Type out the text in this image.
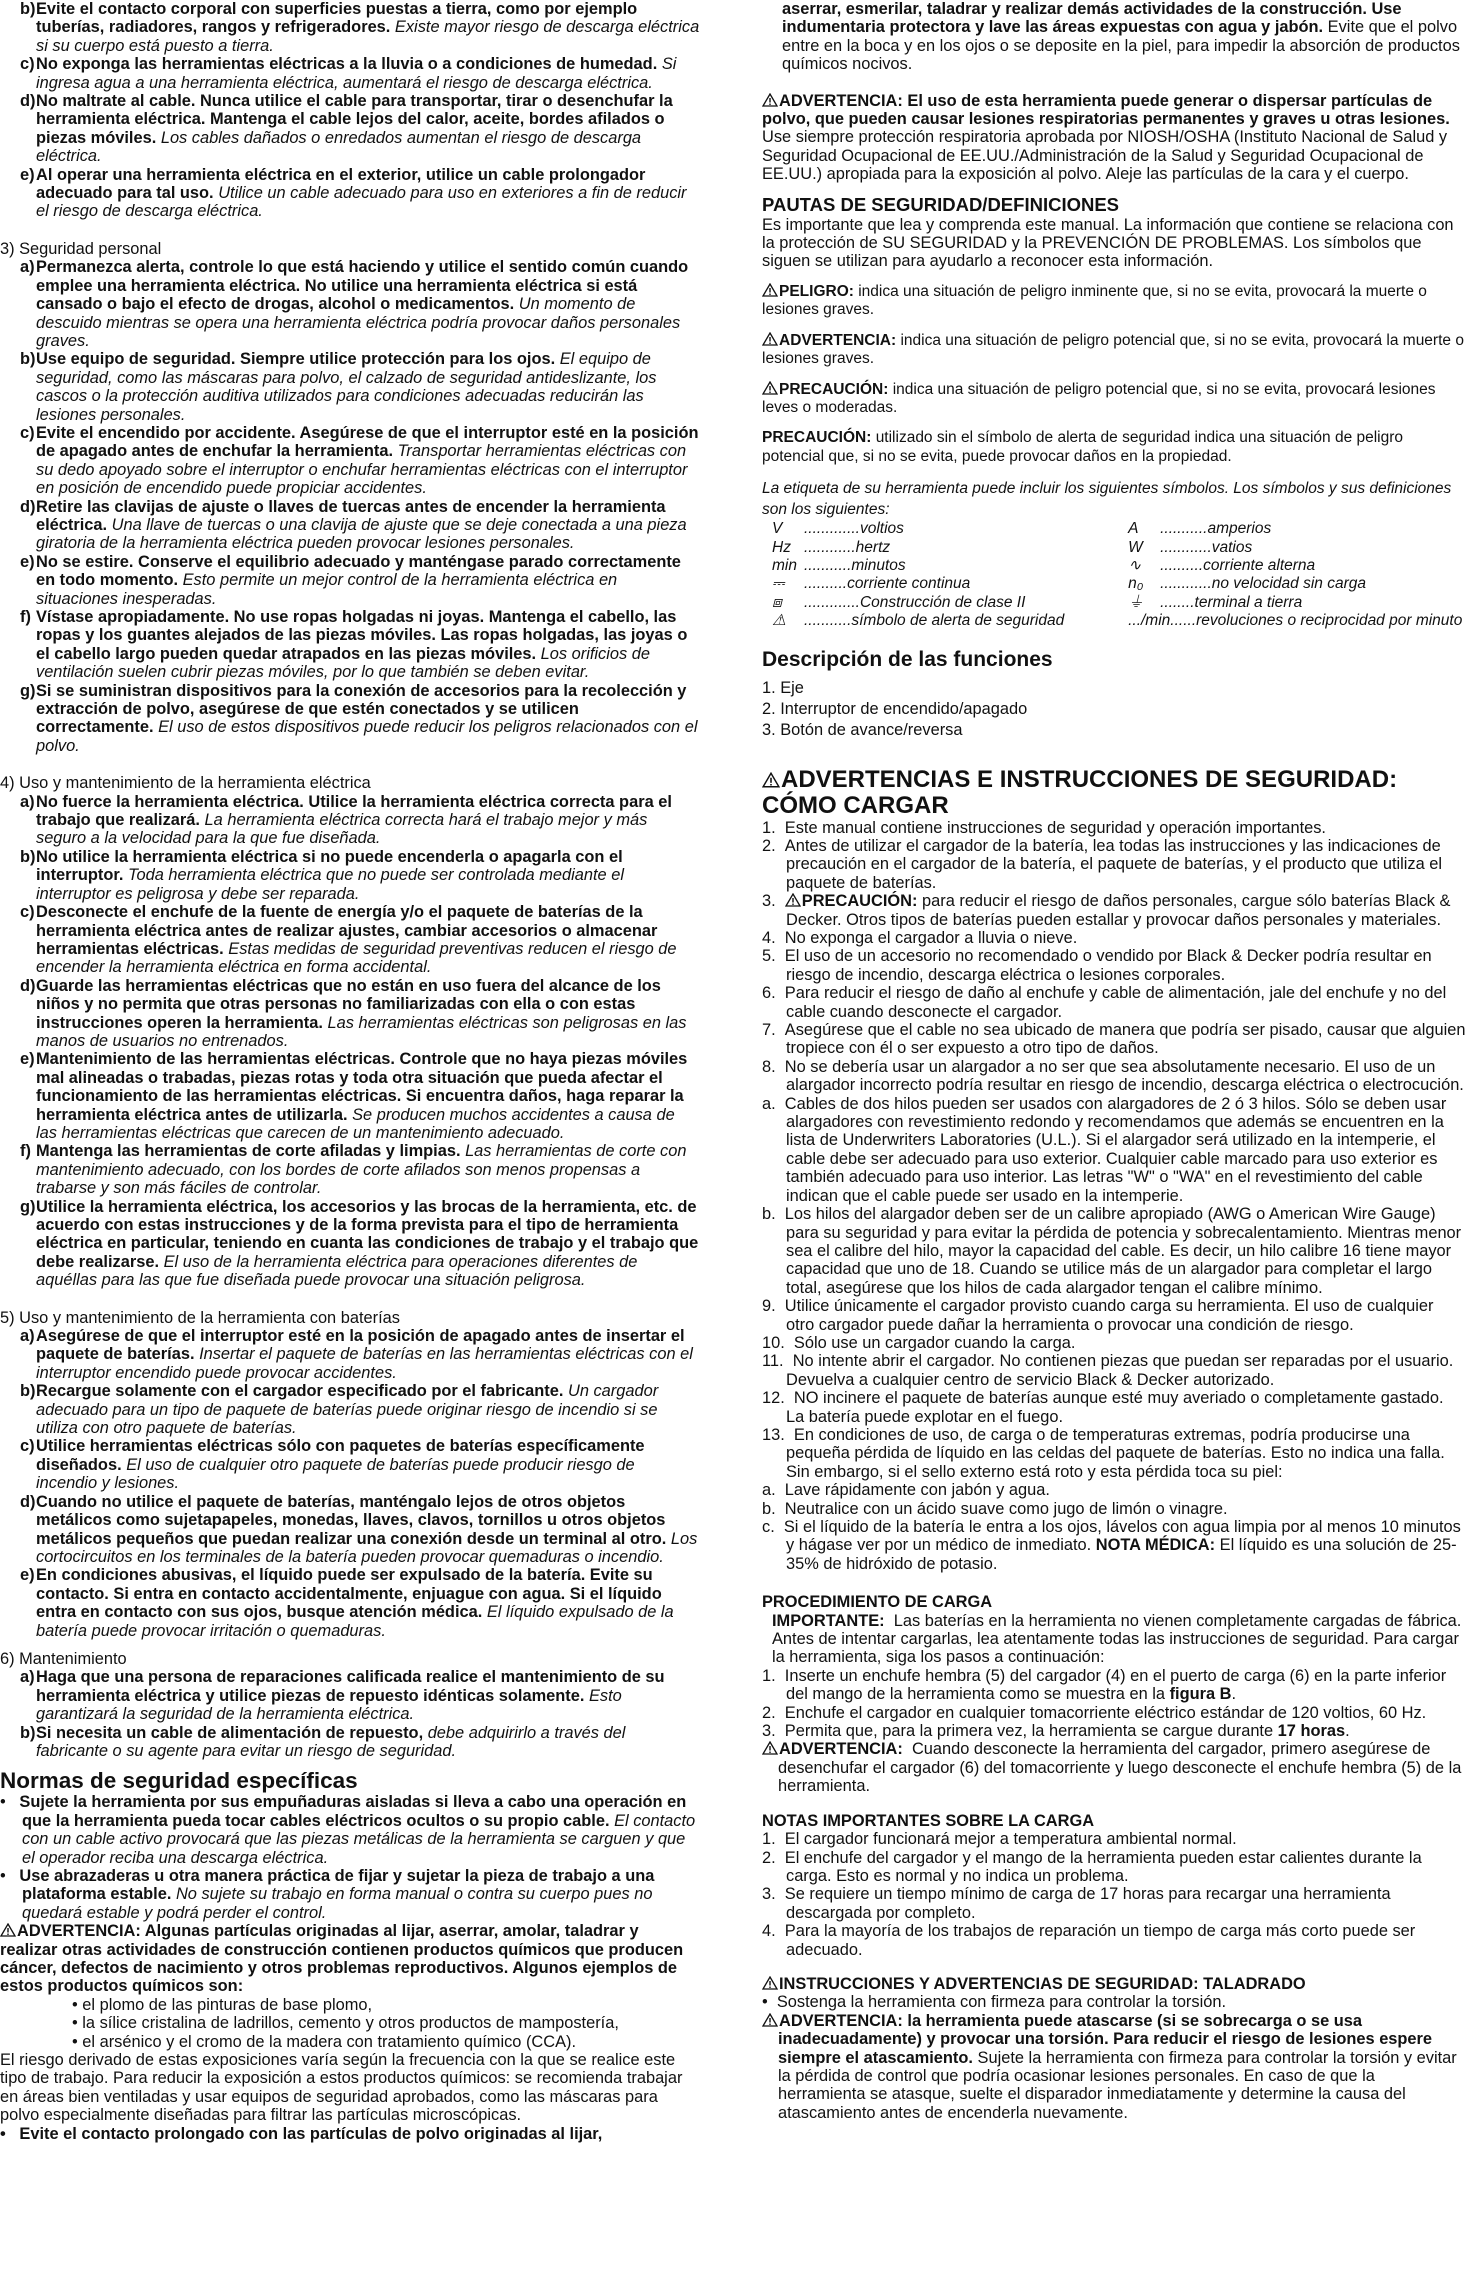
b) Evite el contacto corporal con superficies puestas a tierra, como por ejemplo tuberías, radiadores, rangos y refrigeradores. Existe mayor riesgo de descarga eléctrica si su cuerpo está puesto a tierra.

c) No exponga las herramientas eléctricas a la lluvia o a condiciones de humedad. Si ingresa agua a una herramienta eléctrica, aumentará el riesgo de descarga eléctrica.

d) No maltrate al cable. Nunca utilice el cable para transportar, tirar o desenchufar la herramienta eléctrica. Mantenga el cable lejos del calor, aceite, bordes afilados o piezas móviles. Los cables dañados o enredados aumentan el riesgo de descarga eléctrica.

e) Al operar una herramienta eléctrica en el exterior, utilice un cable prolongador adecuado para tal uso. Utilice un cable adecuado para uso en exteriores a fin de reducir el riesgo de descarga eléctrica.

3) Seguridad personal

a) Permanezca alerta, controle lo que está haciendo y utilice el sentido común cuando emplee una herramienta eléctrica. No utilice una herramienta eléctrica si está cansado o bajo el efecto de drogas, alcohol o medicamentos. Un momento de descuido mientras se opera una herramienta eléctrica podría provocar daños personales graves.

b) Use equipo de seguridad. Siempre utilice protección para los ojos. El equipo de seguridad, como las máscaras para polvo, el calzado de seguridad antideslizante, los cascos o la protección auditiva utilizados para condiciones adecuadas reducirán las lesiones personales.

c) Evite el encendido por accidente. Asegúrese de que el interruptor esté en la posición de apagado antes de enchufar la herramienta. Transportar herramientas eléctricas con su dedo apoyado sobre el interruptor o enchufar herramientas eléctricas con el interruptor en posición de encendido puede propiciar accidentes.

d) Retire las clavijas de ajuste o llaves de tuercas antes de encender la herramienta eléctrica. Una llave de tuercas o una clavija de ajuste que se deje conectada a una pieza giratoria de la herramienta eléctrica pueden provocar lesiones personales.

e) No se estire. Conserve el equilibrio adecuado y manténgase parado correctamente en todo momento. Esto permite un mejor control de la herramienta eléctrica en situaciones inesperadas.

f) Vístase apropiadamente. No use ropas holgadas ni joyas. Mantenga el cabello, las ropas y los guantes alejados de las piezas móviles. Las ropas holgadas, las joyas o el cabello largo pueden quedar atrapados en las piezas móviles. Los orificios de ventilación suelen cubrir piezas móviles, por lo que también se deben evitar.

g) Si se suministran dispositivos para la conexión de accesorios para la recolección y extracción de polvo, asegúrese de que estén conectados y se utilicen correctamente. El uso de estos dispositivos puede reducir los peligros relacionados con el polvo.

4) Uso y mantenimiento de la herramienta eléctrica

a) No fuerce la herramienta eléctrica. Utilice la herramienta eléctrica correcta para el trabajo que realizará. La herramienta eléctrica correcta hará el trabajo mejor y más seguro a la velocidad para la que fue diseñada.

b) No utilice la herramienta eléctrica si no puede encenderla o apagarla con el interruptor. Toda herramienta eléctrica que no puede ser controlada mediante el interruptor es peligrosa y debe ser reparada.

c) Desconecte el enchufe de la fuente de energía y/o el paquete de baterías de la herramienta eléctrica antes de realizar ajustes, cambiar accesorios o almacenar herramientas eléctricas. Estas medidas de seguridad preventivas reducen el riesgo de encender la herramienta eléctrica en forma accidental.

d) Guarde las herramientas eléctricas que no están en uso fuera del alcance de los niños y no permita que otras personas no familiarizadas con ella o con estas instrucciones operen la herramienta. Las herramientas eléctricas son peligrosas en las manos de usuarios no entrenados.

e) Mantenimiento de las herramientas eléctricas. Controle que no haya piezas móviles mal alineadas o trabadas, piezas rotas y toda otra situación que pueda afectar el funcionamiento de las herramientas eléctricas. Si encuentra daños, haga reparar la herramienta eléctrica antes de utilizarla. Se producen muchos accidentes a causa de las herramientas eléctricas que carecen de un mantenimiento adecuado.

f) Mantenga las herramientas de corte afiladas y limpias. Las herramientas de corte con mantenimiento adecuado, con los bordes de corte afilados son menos propensas a trabarse y son más fáciles de controlar.

g) Utilice la herramienta eléctrica, los accesorios y las brocas de la herramienta, etc. de acuerdo con estas instrucciones y de la forma prevista para el tipo de herramienta eléctrica en particular, teniendo en cuanta las condiciones de trabajo y el trabajo que debe realizarse. El uso de la herramienta eléctrica para operaciones diferentes de aquéllas para las que fue diseñada puede provocar una situación peligrosa.

5) Uso y mantenimiento de la herramienta con baterías

a) Asegúrese de que el interruptor esté en la posición de apagado antes de insertar el paquete de baterías. Insertar el paquete de baterías en las herramientas eléctricas con el interruptor encendido puede provocar accidentes.

b) Recargue solamente con el cargador especificado por el fabricante. Un cargador adecuado para un tipo de paquete de baterías puede originar riesgo de incendio si se utiliza con otro paquete de baterías.

c) Utilice herramientas eléctricas sólo con paquetes de baterías específicamente diseñados. El uso de cualquier otro paquete de baterías puede producir riesgo de incendio y lesiones.

d) Cuando no utilice el paquete de baterías, manténgalo lejos de otros objetos metálicos como sujetapapeles, monedas, llaves, clavos, tornillos u otros objetos metálicos pequeños que puedan realizar una conexión desde un terminal al otro. Los cortocircuitos en los terminales de la batería pueden provocar quemaduras o incendio.

e) En condiciones abusivas, el líquido puede ser expulsado de la batería. Evite su contacto. Si entra en contacto accidentalmente, enjuague con agua. Si el líquido entra en contacto con sus ojos, busque atención médica. El líquido expulsado de la batería puede provocar irritación o quemaduras.

6) Mantenimiento

a) Haga que una persona de reparaciones calificada realice el mantenimiento de su herramienta eléctrica y utilice piezas de repuesto idénticas solamente. Esto garantizará la seguridad de la herramienta eléctrica.

b) Si necesita un cable de alimentación de repuesto, debe adquirirlo a través del fabricante o su agente para evitar un riesgo de seguridad.

Normas de seguridad específicas

•   Sujete la herramienta por sus empuñaduras aisladas si lleva a cabo una operación en que la herramienta pueda tocar cables eléctricos ocultos o su propio cable. El contacto con un cable activo provocará que las piezas metálicas de la herramienta se carguen y que el operador reciba una descarga eléctrica.

•   Use abrazaderas u otra manera práctica de fijar y sujetar la pieza de trabajo a una plataforma estable. No sujete su trabajo en forma manual o contra su cuerpo pues no quedará estable y podrá perder el control.

ADVERTENCIA: Algunas partículas originadas al lijar, aserrar, amolar, taladrar y realizar otras actividades de construcción contienen productos químicos que producen cáncer, defectos de nacimiento y otros problemas reproductivos. Algunos ejemplos de estos productos químicos son:

• el plomo de las pinturas de base plomo,

• la sílice cristalina de ladrillos, cemento y otros productos de mampostería,

• el arsénico y el cromo de la madera con tratamiento químico (CCA).

El riesgo derivado de estas exposiciones varía según la frecuencia con la que se realice este tipo de trabajo. Para reducir la exposición a estos productos químicos: se recomienda trabajar en áreas bien ventiladas y usar equipos de seguridad aprobados, como las máscaras para polvo especialmente diseñadas para filtrar las partículas microscópicas.

•   Evite el contacto prolongado con las partículas de polvo originadas al lijar,

aserrar, esmerilar, taladrar y realizar demás actividades de la construcción. Use indumentaria protectora y lave las áreas expuestas con agua y jabón. Evite que el polvo entre en la boca y en los ojos o se deposite en la piel, para impedir la absorción de productos químicos nocivos.

ADVERTENCIA: El uso de esta herramienta puede generar o dispersar partículas de polvo, que pueden causar lesiones respiratorias permanentes y graves u otras lesiones. Use siempre protección respiratoria aprobada por NIOSH/OSHA (Instituto Nacional de Salud y Seguridad Ocupacional de EE.UU./Administración de la Salud y Seguridad Ocupacional de EE.UU.) apropiada para la exposición al polvo. Aleje las partículas de la cara y el cuerpo.

PAUTAS DE SEGURIDAD/DEFINICIONES

Es importante que lea y comprenda este manual. La información que contiene se relaciona con la protección de SU SEGURIDAD y la PREVENCIÓN DE PROBLEMAS. Los símbolos que siguen se utilizan para ayudarlo a reconocer esta información.

PELIGRO: indica una situación de peligro inminente que, si no se evita, provocará la muerte o lesiones graves.

ADVERTENCIA: indica una situación de peligro potencial que, si no se evita, provocará la muerte o lesiones graves.

PRECAUCIÓN: indica una situación de peligro potencial que, si no se evita, provocará lesiones leves o moderadas.

PRECAUCIÓN: utilizado sin el símbolo de alerta de seguridad indica una situación de peligro potencial que, si no se evita, puede provocar daños en la propiedad.

La etiqueta de su herramienta puede incluir los siguientes símbolos. Los símbolos y sus definiciones son los siguientes:

V .............voltios	A ...........amperios
Hz ............hertz	W ............vatios
min ...........minutos	∿ ..........corriente alterna
⎓ ..........corriente continua	n₀ ............no velocidad sin carga
⧈ .............Construcción de clase II	⏚ ........terminal a tierra
⚠ ...........símbolo de alerta de seguridad	.../min......revoluciones o reciprocidad por minuto

Descripción de las funciones

1. Eje

2. Interruptor de encendido/apagado

3. Botón de avance/reversa

ADVERTENCIAS E INSTRUCCIONES DE SEGURIDAD: CÓMO CARGAR

1. Este manual contiene instrucciones de seguridad y operación importantes.

2. Antes de utilizar el cargador de la batería, lea todas las instrucciones y las indicaciones de precaución en el cargador de la batería, el paquete de baterías, y el producto que utiliza el paquete de baterías.

3. PRECAUCIÓN: para reducir el riesgo de daños personales, cargue sólo baterías Black & Decker. Otros tipos de baterías pueden estallar y provocar daños personales y materiales.

4. No exponga el cargador a lluvia o nieve.

5. El uso de un accesorio no recomendado o vendido por Black & Decker podría resultar en riesgo de incendio, descarga eléctrica o lesiones corporales.

6. Para reducir el riesgo de daño al enchufe y cable de alimentación, jale del enchufe y no del cable cuando desconecte el cargador.

7. Asegúrese que el cable no sea ubicado de manera que podría ser pisado, causar que alguien tropiece con él o ser expuesto a otro tipo de daños.

8. No se debería usar un alargador a no ser que sea absolutamente necesario. El uso de un alargador incorrecto podría resultar en riesgo de incendio, descarga eléctrica o electrocución.

a. Cables de dos hilos pueden ser usados con alargadores de 2 ó 3 hilos. Sólo se deben usar alargadores con revestimiento redondo y recomendamos que además se encuentren en la lista de Underwriters Laboratories (U.L.). Si el alargador será utilizado en la intemperie, el cable debe ser adecuado para uso exterior. Cualquier cable marcado para uso exterior es también adecuado para uso interior. Las letras "W" o "WA" en el revestimiento del cable indican que el cable puede ser usado en la intemperie.

b. Los hilos del alargador deben ser de un calibre apropiado (AWG o American Wire Gauge) para su seguridad y para evitar la pérdida de potencia y sobrecalentamiento. Mientras menor sea el calibre del hilo, mayor la capacidad del cable. Es decir, un hilo calibre 16 tiene mayor capacidad que uno de 18. Cuando se utilice más de un alargador para completar el largo total, asegúrese que los hilos de cada alargador tengan el calibre mínimo.

9. Utilice únicamente el cargador provisto cuando carga su herramienta. El uso de cualquier otro cargador puede dañar la herramienta o provocar una condición de riesgo.

10. Sólo use un cargador cuando la carga.

11. No intente abrir el cargador. No contienen piezas que puedan ser reparadas por el usuario. Devuelva a cualquier centro de servicio Black & Decker autorizado.

12. NO incinere el paquete de baterías aunque esté muy averiado o completamente gastado. La batería puede explotar en el fuego.

13. En condiciones de uso, de carga o de temperaturas extremas, podría producirse una pequeña pérdida de líquido en las celdas del paquete de baterías. Esto no indica una falla. Sin embargo, si el sello externo está roto y esta pérdida toca su piel:

a. Lave rápidamente con jabón y agua.

b. Neutralice con un ácido suave como jugo de limón o vinagre.

c. Si el líquido de la batería le entra a los ojos, lávelos con agua limpia por al menos 10 minutos y hágase ver por un médico de inmediato. NOTA MÉDICA: El líquido es una solución de 25-35% de hidróxido de potasio.

PROCEDIMIENTO DE CARGA

IMPORTANTE: Las baterías en la herramienta no vienen completamente cargadas de fábrica. Antes de intentar cargarlas, lea atentamente todas las instrucciones de seguridad. Para cargar la herramienta, siga los pasos a continuación:

1. Inserte un enchufe hembra (5) del cargador (4) en el puerto de carga (6) en la parte inferior del mango de la herramienta como se muestra en la figura B.

2. Enchufe el cargador en cualquier tomacorriente eléctrico estándar de 120 voltios, 60 Hz.

3. Permita que, para la primera vez, la herramienta se cargue durante 17 horas.

ADVERTENCIA: Cuando desconecte la herramienta del cargador, primero asegúrese de desenchufar el cargador (6) del tomacorriente y luego desconecte el enchufe hembra (5) de la herramienta.

NOTAS IMPORTANTES SOBRE LA CARGA

1. El cargador funcionará mejor a temperatura ambiental normal.

2. El enchufe del cargador y el mango de la herramienta pueden estar calientes durante la carga. Esto es normal y no indica un problema.

3. Se requiere un tiempo mínimo de carga de 17 horas para recargar una herramienta descargada por completo.

4. Para la mayoría de los trabajos de reparación un tiempo de carga más corto puede ser adecuado.

INSTRUCCIONES Y ADVERTENCIAS DE SEGURIDAD: TALADRADO

•  Sostenga la herramienta con firmeza para controlar la torsión.

ADVERTENCIA: la herramienta puede atascarse (si se sobrecarga o se usa inadecuadamente) y provocar una torsión. Para reducir el riesgo de lesiones espere siempre el atascamiento. Sujete la herramienta con firmeza para controlar la torsión y evitar la pérdida de control que podría ocasionar lesiones personales. En caso de que la herramienta se atasque, suelte el disparador inmediatamente y determine la causa del atascamiento antes de encenderla nuevamente.
